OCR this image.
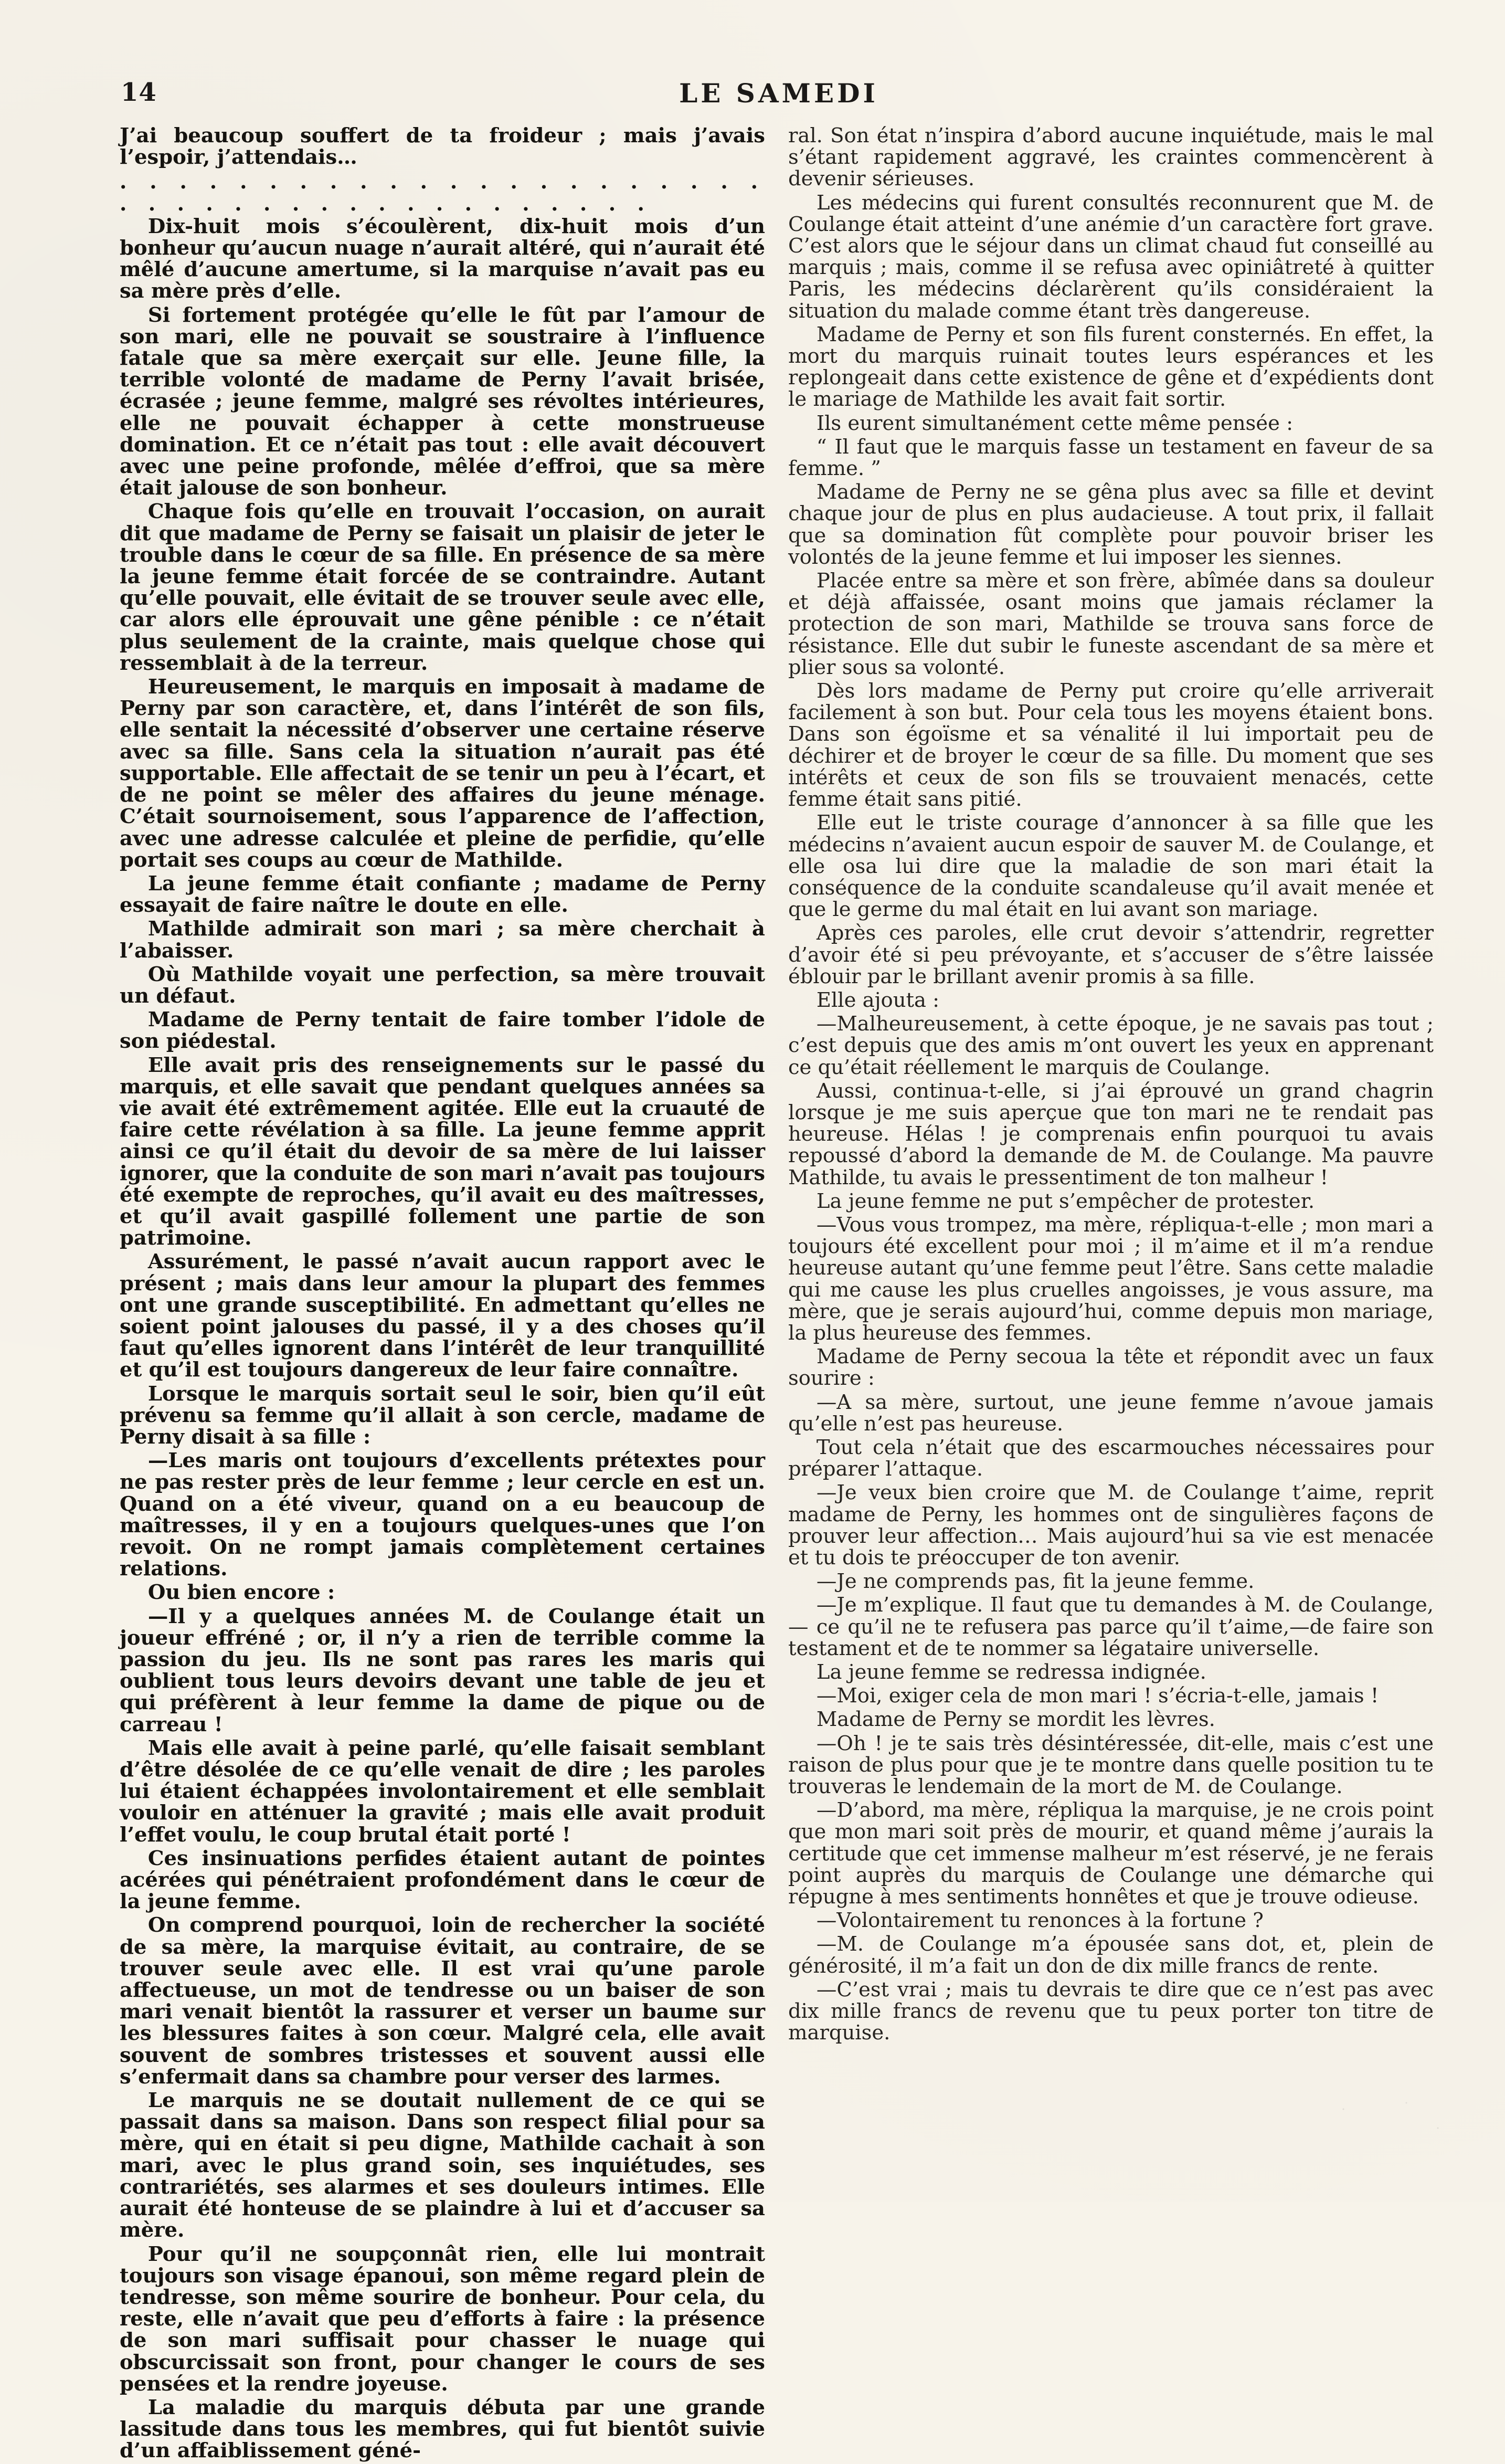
14	LE SAMEDI

J’ai beaucoup souffert de ta froideur ; mais j’avais l’espoir, j’attendais…

. . . . . . . . . . . . . . . . . . . . . . . . . . . . . . . . . . . . . . . . .

Dix-huit mois s’écoulèrent, dix-huit mois d’un bonheur qu’aucun nuage n’aurait altéré, qui n’aurait été mêlé d’aucune amertume, si la marquise n’avait pas eu sa mère près d’elle.

Si fortement protégée qu’elle le fût par l’amour de son mari, elle ne pouvait se soustraire à l’influence fatale que sa mère exerçait sur elle. Jeune fille, la terrible volonté de madame de Perny l’avait brisée, écrasée ; jeune femme, malgré ses révoltes intérieures, elle ne pouvait échapper à cette monstrueuse domination. Et ce n’était pas tout : elle avait découvert avec une peine profonde, mêlée d’effroi, que sa mère était jalouse de son bonheur.

Chaque fois qu’elle en trouvait l’occasion, on aurait dit que madame de Perny se faisait un plaisir de jeter le trouble dans le cœur de sa fille. En présence de sa mère la jeune femme était forcée de se contraindre. Autant qu’elle pouvait, elle évitait de se trouver seule avec elle, car alors elle éprouvait une gêne pénible : ce n’était plus seulement de la crainte, mais quelque chose qui ressemblait à de la terreur.

Heureusement, le marquis en imposait à madame de Perny par son caractère, et, dans l’intérêt de son fils, elle sentait la nécessité d’observer une certaine réserve avec sa fille. Sans cela la situation n’aurait pas été supportable. Elle affectait de se tenir un peu à l’écart, et de ne point se mêler des affaires du jeune ménage. C’était sournoisement, sous l’apparence de l’affection, avec une adresse calculée et pleine de perfidie, qu’elle portait ses coups au cœur de Mathilde.

La jeune femme était confiante ; madame de Perny essayait de faire naître le doute en elle.

Mathilde admirait son mari ; sa mère cherchait à l’abaisser.

Où Mathilde voyait une perfection, sa mère trouvait un défaut.

Madame de Perny tentait de faire tomber l’idole de son piédestal.

Elle avait pris des renseignements sur le passé du marquis, et elle savait que pendant quelques années sa vie avait été extrêmement agitée. Elle eut la cruauté de faire cette révélation à sa fille. La jeune femme apprit ainsi ce qu’il était du devoir de sa mère de lui laisser ignorer, que la conduite de son mari n’avait pas toujours été exempte de reproches, qu’il avait eu des maîtresses, et qu’il avait gaspillé follement une partie de son patrimoine.

Assurément, le passé n’avait aucun rapport avec le présent ; mais dans leur amour la plupart des femmes ont une grande susceptibilité. En admettant qu’elles ne soient point jalouses du passé, il y a des choses qu’il faut qu’elles ignorent dans l’intérêt de leur tranquillité et qu’il est toujours dangereux de leur faire connaître.

Lorsque le marquis sortait seul le soir, bien qu’il eût prévenu sa femme qu’il allait à son cercle, madame de Perny disait à sa fille :

—Les maris ont toujours d’excellents prétextes pour ne pas rester près de leur femme ; leur cercle en est un. Quand on a été viveur, quand on a eu beaucoup de maîtresses, il y en a toujours quelques-unes que l’on revoit. On ne rompt jamais complètement certaines relations.

Ou bien encore :

—Il y a quelques années M. de Coulange était un joueur effréné ; or, il n’y a rien de terrible comme la passion du jeu. Ils ne sont pas rares les maris qui oublient tous leurs devoirs devant une table de jeu et qui préfèrent à leur femme la dame de pique ou de carreau !

Mais elle avait à peine parlé, qu’elle faisait semblant d’être désolée de ce qu’elle venait de dire ; les paroles lui étaient échappées involontairement et elle semblait vouloir en atténuer la gravité ; mais elle avait produit l’effet voulu, le coup brutal était porté !

Ces insinuations perfides étaient autant de pointes acérées qui pénétraient profondément dans le cœur de la jeune femme.

On comprend pourquoi, loin de rechercher la société de sa mère, la marquise évitait, au contraire, de se trouver seule avec elle. Il est vrai qu’une parole affectueuse, un mot de tendresse ou un baiser de son mari venait bientôt la rassurer et verser un baume sur les blessures faites à son cœur. Malgré cela, elle avait souvent de sombres tristesses et souvent aussi elle s’enfermait dans sa chambre pour verser des larmes.

Le marquis ne se doutait nullement de ce qui se passait dans sa maison. Dans son respect filial pour sa mère, qui en était si peu digne, Mathilde cachait à son mari, avec le plus grand soin, ses inquiétudes, ses contrariétés, ses alarmes et ses douleurs intimes. Elle aurait été honteuse de se plaindre à lui et d’accuser sa mère.

Pour qu’il ne soupçonnât rien, elle lui montrait toujours son visage épanoui, son même regard plein de tendresse, son même sourire de bonheur. Pour cela, du reste, elle n’avait que peu d’efforts à faire : la présence de son mari suffisait pour chasser le nuage qui obscurcissait son front, pour changer le cours de ses pensées et la rendre joyeuse.

La maladie du marquis débuta par une grande lassitude dans tous les membres, qui fut bientôt suivie d’un affaiblissement géné-

ral. Son état n’inspira d’abord aucune inquiétude, mais le mal s’étant rapidement aggravé, les craintes commencèrent à devenir sérieuses.

Les médecins qui furent consultés reconnurent que M. de Coulange était atteint d’une anémie d’un caractère fort grave. C’est alors que le séjour dans un climat chaud fut conseillé au marquis ; mais, comme il se refusa avec opiniâtreté à quitter Paris, les médecins déclarèrent qu’ils considéraient la situation du malade comme étant très dangereuse.

Madame de Perny et son fils furent consternés. En effet, la mort du marquis ruinait toutes leurs espérances et les replongeait dans cette existence de gêne et d’expédients dont le mariage de Mathilde les avait fait sortir.

Ils eurent simultanément cette même pensée :

“ Il faut que le marquis fasse un testament en faveur de sa femme. ”

Madame de Perny ne se gêna plus avec sa fille et devint chaque jour de plus en plus audacieuse. A tout prix, il fallait que sa domination fût complète pour pouvoir briser les volontés de la jeune femme et lui imposer les siennes.

Placée entre sa mère et son frère, abîmée dans sa douleur et déjà affaissée, osant moins que jamais réclamer la protection de son mari, Mathilde se trouva sans force de résistance. Elle dut subir le funeste ascendant de sa mère et plier sous sa volonté.

Dès lors madame de Perny put croire qu’elle arriverait facilement à son but. Pour cela tous les moyens étaient bons. Dans son égoïsme et sa vénalité il lui importait peu de déchirer et de broyer le cœur de sa fille. Du moment que ses intérêts et ceux de son fils se trouvaient menacés, cette femme était sans pitié.

Elle eut le triste courage d’annoncer à sa fille que les médecins n’avaient aucun espoir de sauver M. de Coulange, et elle osa lui dire que la maladie de son mari était la conséquence de la conduite scandaleuse qu’il avait menée et que le germe du mal était en lui avant son mariage.

Après ces paroles, elle crut devoir s’attendrir, regretter d’avoir été si peu prévoyante, et s’accuser de s’être laissée éblouir par le brillant avenir promis à sa fille.

Elle ajouta :

—Malheureusement, à cette époque, je ne savais pas tout ; c’est depuis que des amis m’ont ouvert les yeux en apprenant ce qu’était réellement le marquis de Coulange.

Aussi, continua-t-elle, si j’ai éprouvé un grand chagrin lorsque je me suis aperçue que ton mari ne te rendait pas heureuse. Hélas ! je comprenais enfin pourquoi tu avais repoussé d’abord la demande de M. de Coulange. Ma pauvre Mathilde, tu avais le pressentiment de ton malheur !

La jeune femme ne put s’empêcher de protester.

—Vous vous trompez, ma mère, répliqua-t-elle ; mon mari a toujours été excellent pour moi ; il m’aime et il m’a rendue heureuse autant qu’une femme peut l’être. Sans cette maladie qui me cause les plus cruelles angoisses, je vous assure, ma mère, que je serais aujourd’hui, comme depuis mon mariage, la plus heureuse des femmes.

Madame de Perny secoua la tête et répondit avec un faux sourire :

—A sa mère, surtout, une jeune femme n’avoue jamais qu’elle n’est pas heureuse.

Tout cela n’était que des escarmouches nécessaires pour préparer l’attaque.

—Je veux bien croire que M. de Coulange t’aime, reprit madame de Perny, les hommes ont de singulières façons de prouver leur affection… Mais aujourd’hui sa vie est menacée et tu dois te préoccuper de ton avenir.

—Je ne comprends pas, fit la jeune femme.

—Je m’explique. Il faut que tu demandes à M. de Coulange,— ce qu’il ne te refusera pas parce qu’il t’aime,—de faire son testament et de te nommer sa légataire universelle.

La jeune femme se redressa indignée.

—Moi, exiger cela de mon mari ! s’écria-t-elle, jamais !

Madame de Perny se mordit les lèvres.

—Oh ! je te sais très désintéressée, dit-elle, mais c’est une raison de plus pour que je te montre dans quelle position tu te trouveras le lendemain de la mort de M. de Coulange.

—D’abord, ma mère, répliqua la marquise, je ne crois point que mon mari soit près de mourir, et quand même j’aurais la certitude que cet immense malheur m’est réservé, je ne ferais point auprès du marquis de Coulange une démarche qui répugne à mes sentiments honnêtes et que je trouve odieuse.

—Volontairement tu renonces à la fortune ?

—M. de Coulange m’a épousée sans dot, et, plein de générosité, il m’a fait un don de dix mille francs de rente.

—C’est vrai ; mais tu devrais te dire que ce n’est pas avec dix mille francs de revenu que tu peux porter ton titre de marquise.
